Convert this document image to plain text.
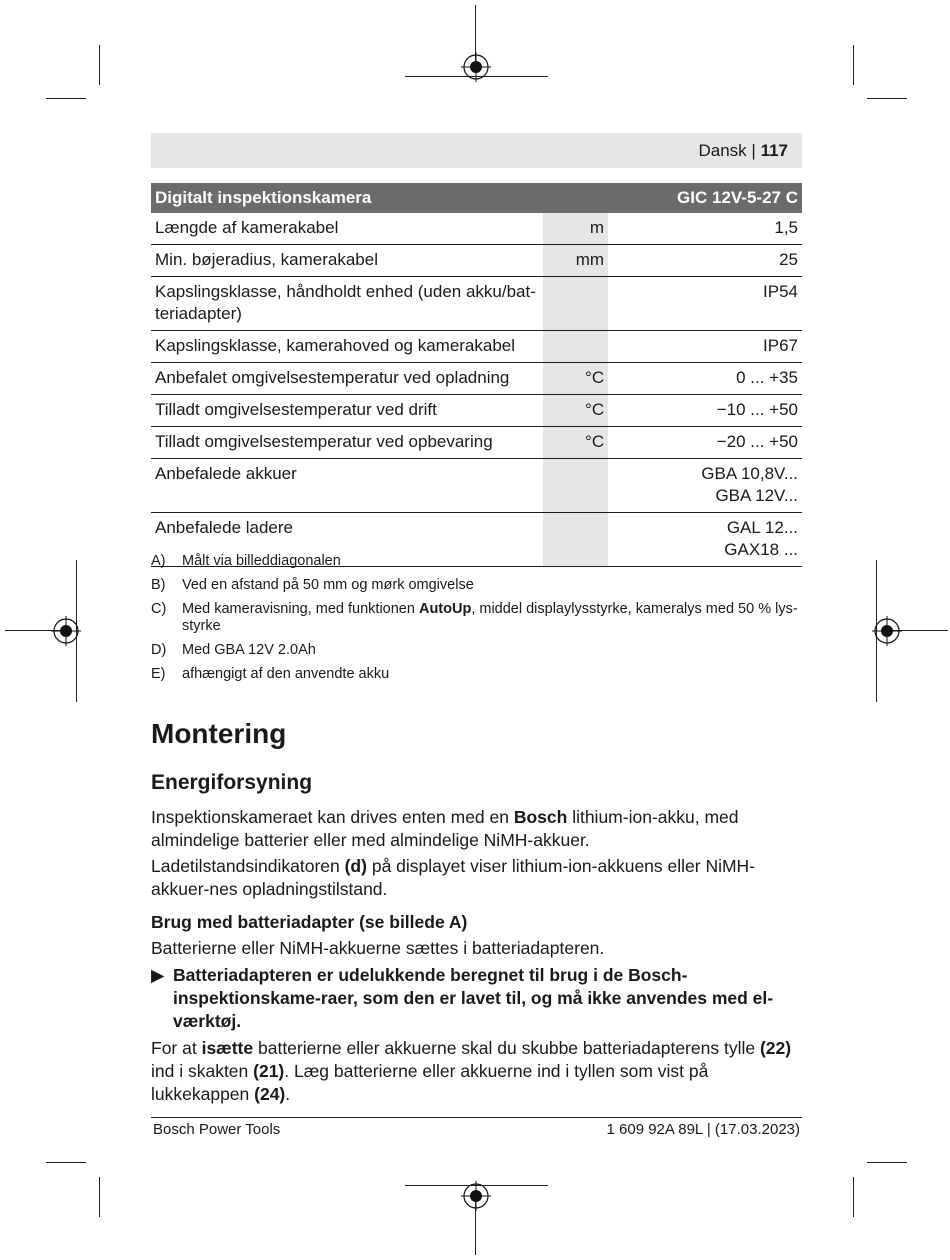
Dansk | 117
Digitalt inspektionskamera		GIC 12V-5-27 C
Længde af kamerakabel	m	1,5
Min. bøjeradius, kamerakabel	mm	25
Kapslingsklasse, håndholdt enhed (uden akku/bat-teriadapter)		IP54
Kapslingsklasse, kamerahoved og kamerakabel		IP67
Anbefalet omgivelsestemperatur ved opladning	°C	0 ... +35
Tilladt omgivelsestemperatur ved drift	°C	−10 ... +50
Tilladt omgivelsestemperatur ved opbevaring	°C	−20 ... +50
Anbefalede akkuer		GBA 10,8V...
GBA 12V...

Anbefalede ladere		GAL 12...
GAX18 ...
A)	Målt via billeddiagonalen
B)	Ved en afstand på 50 mm og mørk omgivelse
C)	Med kameravisning, med funktionen AutoUp, middel displaylysstyrke, kameralys med 50 % lys-styrke
D)	Med GBA 12V 2.0Ah
E)	afhængigt af den anvendte akku
Montering
Energiforsyning

Inspektionskameraet kan drives enten med en Bosch lithium-ion-akku, med almindelige batterier eller med almindelige NiMH-akkuer.

Ladetilstandsindikatoren (d) på displayet viser lithium-ion-akkuens eller NiMH-akkuer-nes opladningstilstand.

Brug med batteriadapter (se billede A)

Batterierne eller NiMH-akkuerne sættes i batteriadapteren.

▶ Batteriadapteren er udelukkende beregnet til brug i de Bosch-inspektionskame-raer, som den er lavet til, og må ikke anvendes med el-værktøj.

For at isætte batterierne eller akkuerne skal du skubbe batteriadapterens tylle (22) ind i skakten (21). Læg batterierne eller akkuerne ind i tyllen som vist på lukkekappen (24).

Bosch Power Tools	1 609 92A 89L | (17.03.2023)
